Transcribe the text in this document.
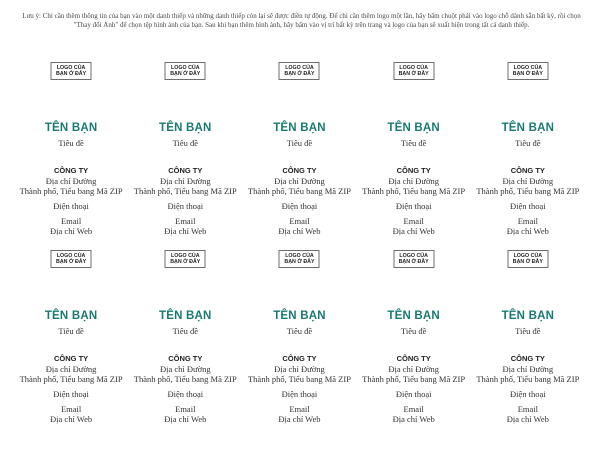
Lưu ý: Chỉ cần thêm thông tin của bạn vào một danh thiếp và những danh thiếp còn lại sẽ được điền tự động. Để chỉ cần thêm logo một lần, hãy bấm chuột phải vào logo chỗ dành sẵn bất kỳ, rồi chọn "Thay đổi Ảnh" để chọn tệp hình ảnh của bạn. Sau khi bạn thêm hình ảnh, hãy bấm vào vị trí bất kỳ trên trang và logo của bạn sẽ xuất hiện trong tất cả danh thiếp.
LOGO CỦA
BẠN Ở ĐÂY
TÊN BẠN
Tiêu đề
CÔNG TY
Địa chỉ Đường
Thành phố, Tiểu bang Mã ZIP
Điện thoại
Email
Địa chỉ Web
LOGO CỦA
BẠN Ở ĐÂY
TÊN BẠN
Tiêu đề
CÔNG TY
Địa chỉ Đường
Thành phố, Tiểu bang Mã ZIP
Điện thoại
Email
Địa chỉ Web
LOGO CỦA
BẠN Ở ĐÂY
TÊN BẠN
Tiêu đề
CÔNG TY
Địa chỉ Đường
Thành phố, Tiểu bang Mã ZIP
Điện thoại
Email
Địa chỉ Web
LOGO CỦA
BẠN Ở ĐÂY
TÊN BẠN
Tiêu đề
CÔNG TY
Địa chỉ Đường
Thành phố, Tiểu bang Mã ZIP
Điện thoại
Email
Địa chỉ Web
LOGO CỦA
BẠN Ở ĐÂY
TÊN BẠN
Tiêu đề
CÔNG TY
Địa chỉ Đường
Thành phố, Tiểu bang Mã ZIP
Điện thoại
Email
Địa chỉ Web
LOGO CỦA
BẠN Ở ĐÂY
TÊN BẠN
Tiêu đề
CÔNG TY
Địa chỉ Đường
Thành phố, Tiểu bang Mã ZIP
Điện thoại
Email
Địa chỉ Web
LOGO CỦA
BẠN Ở ĐÂY
TÊN BẠN
Tiêu đề
CÔNG TY
Địa chỉ Đường
Thành phố, Tiểu bang Mã ZIP
Điện thoại
Email
Địa chỉ Web
LOGO CỦA
BẠN Ở ĐÂY
TÊN BẠN
Tiêu đề
CÔNG TY
Địa chỉ Đường
Thành phố, Tiểu bang Mã ZIP
Điện thoại
Email
Địa chỉ Web
LOGO CỦA
BẠN Ở ĐÂY
TÊN BẠN
Tiêu đề
CÔNG TY
Địa chỉ Đường
Thành phố, Tiểu bang Mã ZIP
Điện thoại
Email
Địa chỉ Web
LOGO CỦA
BẠN Ở ĐÂY
TÊN BẠN
Tiêu đề
CÔNG TY
Địa chỉ Đường
Thành phố, Tiểu bang Mã ZIP
Điện thoại
Email
Địa chỉ Web
